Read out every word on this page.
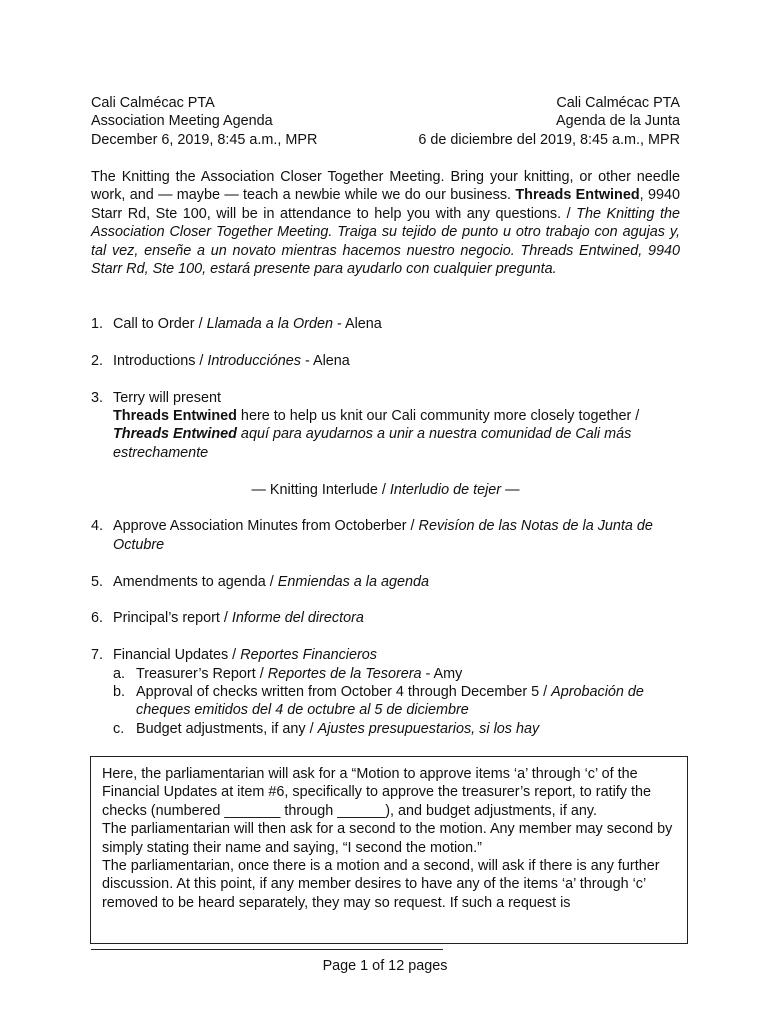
Cali Calmécac PTA
Association Meeting Agenda
December 6, 2019, 8:45 a.m., MPR
Cali Calmécac PTA
Agenda de la Junta
6 de diciembre del 2019, 8:45 a.m., MPR
The Knitting the Association Closer Together Meeting. Bring your knitting, or other needle work, and — maybe — teach a newbie while we do our business. Threads Entwined, 9940 Starr Rd, Ste 100, will be in attendance to help you with any questions. / The Knitting the Association Closer Together Meeting. Traiga su tejido de punto u otro trabajo con agujas y, tal vez, enseñe a un novato mientras hacemos nuestro negocio. Threads Entwined, 9940 Starr Rd, Ste 100, estará presente para ayudarlo con cualquier pregunta.
1. Call to Order / Llamada a la Orden - Alena
2. Introductions / Introducciónes - Alena
3. Terry will present
Threads Entwined here to help us knit our Cali community more closely together / Threads Entwined aquí para ayudarnos a unir a nuestra comunidad de Cali más estrechamente
— Knitting Interlude / Interludio de tejer —
4. Approve Association Minutes from Octoberber / Revisíon de las Notas de la Junta de Octubre
5. Amendments to agenda / Enmiendas a la agenda
6. Principal’s report / Informe del directora
7. Financial Updates / Reportes Financieros
a. Treasurer’s Report / Reportes de la Tesorera - Amy
b. Approval of checks written from October 4 through December 5 / Aprobación de cheques emitidos del 4 de octubre al 5 de diciembre
c. Budget adjustments, if any / Ajustes presupuestarios, si los hay

Here, the parliamentarian will ask for a “Motion to approve items ‘a’ through ‘c’ of the Financial Updates at item #6, specifically to approve the treasurer’s report, to ratify the checks (numbered _______ through ______), and budget adjustments, if any.

The parliamentarian will then ask for a second to the motion. Any member may second by simply stating their name and saying, “I second the motion.”

The parliamentarian, once there is a motion and a second, will ask if there is any further discussion. At this point, if any member desires to have any of the items ‘a’ through ‘c’ removed to be heard separately, they may so request. If such a request is

Page 1 of 12 pages
